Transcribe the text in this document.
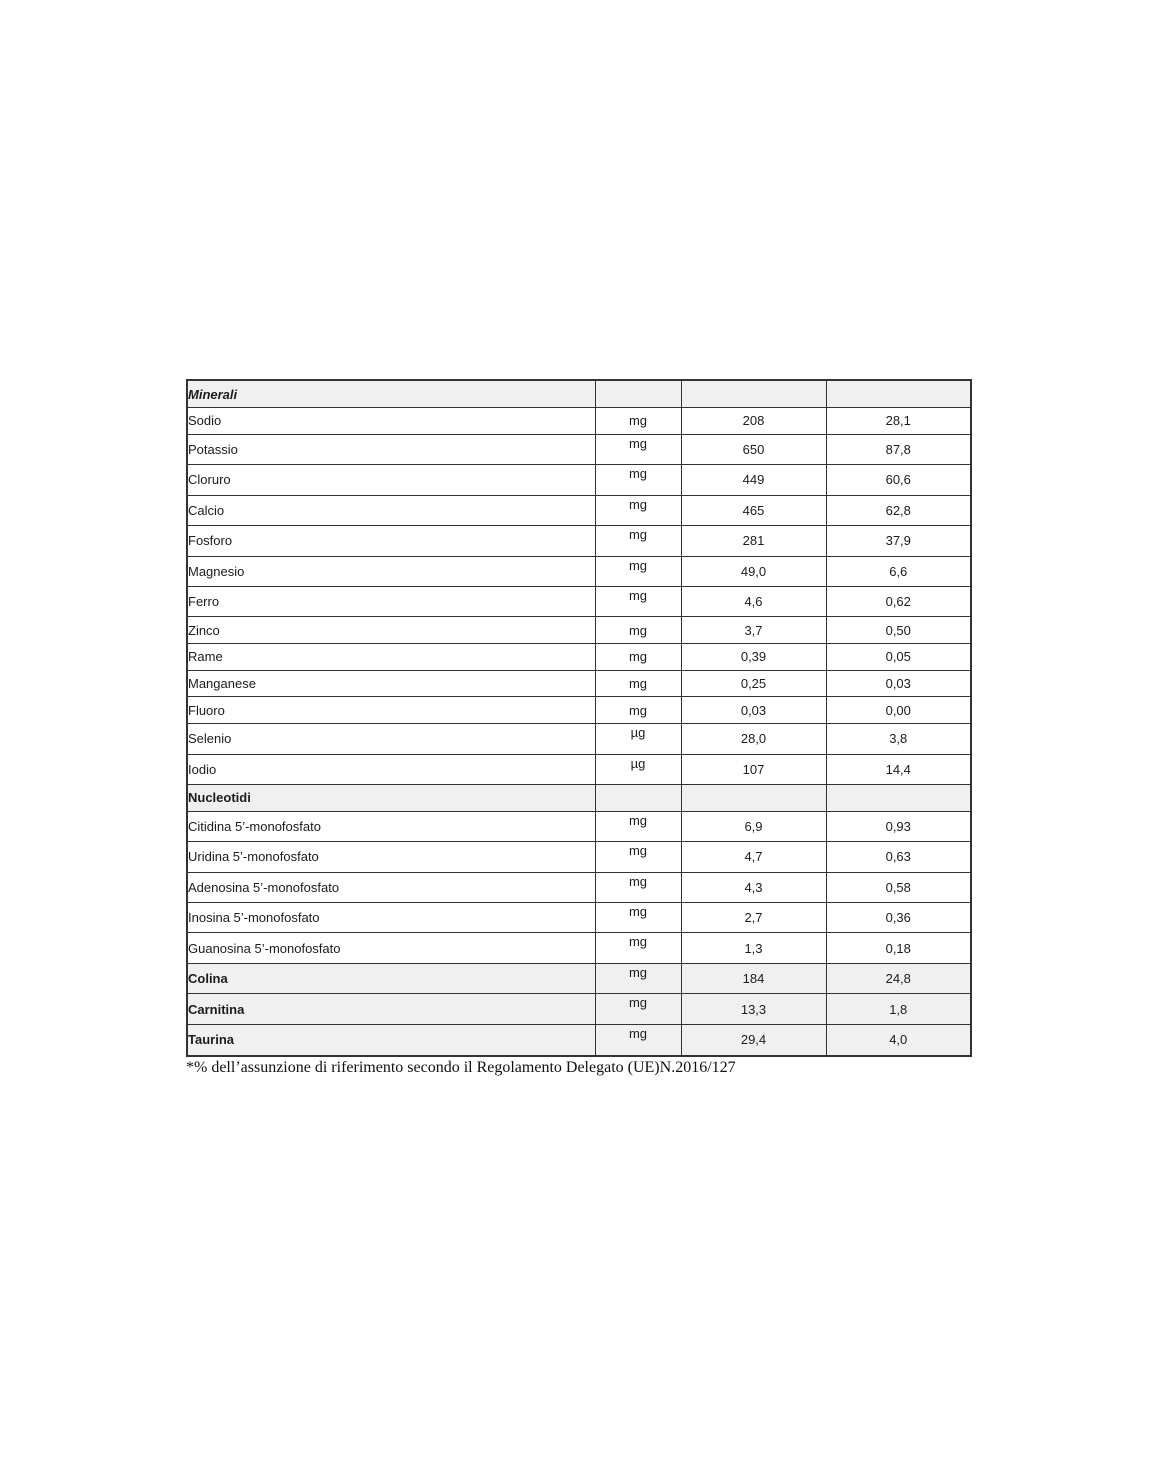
Minerali			
Sodio	mg	208	28,1
Potassio	mg	650	87,8
Cloruro	mg	449	60,6
Calcio	mg	465	62,8
Fosforo	mg	281	37,9
Magnesio	mg	49,0	6,6
Ferro	mg	4,6	0,62
Zinco	mg	3,7	0,50
Rame	mg	0,39	0,05
Manganese	mg	0,25	0,03
Fluoro	mg	0,03	0,00
Selenio	µg	28,0	3,8
Iodio	µg	107	14,4
Nucleotidi			
Citidina 5’-monofosfato	mg	6,9	0,93
Uridina 5’-monofosfato	mg	4,7	0,63
Adenosina 5’-monofosfato	mg	4,3	0,58
Inosina 5’-monofosfato	mg	2,7	0,36
Guanosina 5’-monofosfato	mg	1,3	0,18
Colina	mg	184	24,8
Carnitina	mg	13,3	1,8
Taurina	mg	29,4	4,0
*% dell’assunzione di riferimento secondo il Regolamento Delegato (UE)N.2016/127
